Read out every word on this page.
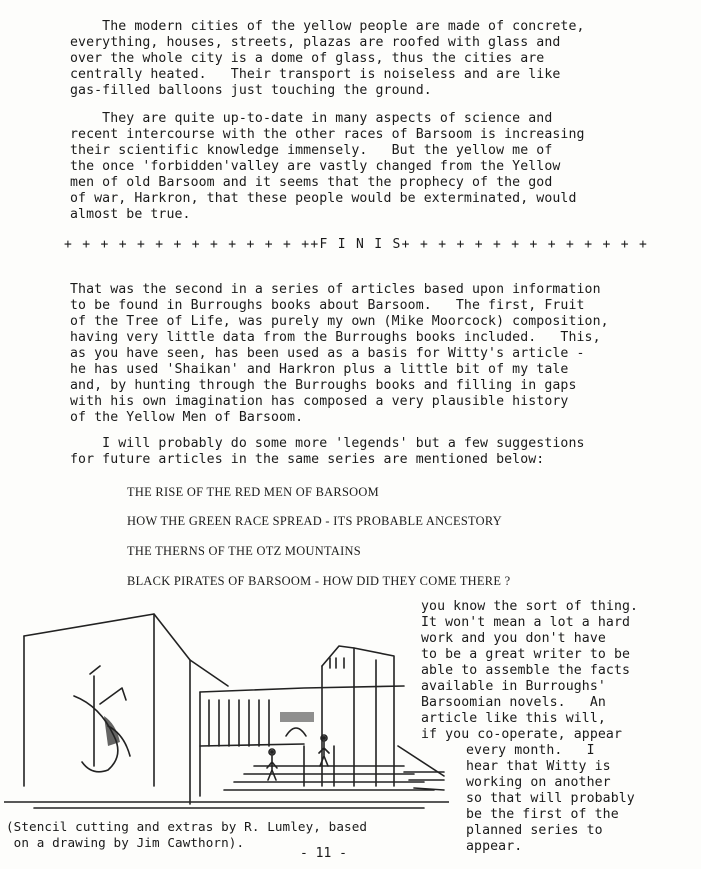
The modern cities of the yellow people are made of concrete,
everything, houses, streets, plazas are roofed with glass and
over the whole city is a dome of glass, thus the cities are
centrally heated.   Their transport is noiseless and are like
gas-filled balloons just touching the ground.
They are quite up-to-date in many aspects of science and
recent intercourse with the other races of Barsoom is increasing
their scientific knowledge immensely.   But the yellow me of
the once 'forbidden'valley are vastly changed from the Yellow
men of old Barsoom and it seems that the prophecy of the god
of war, Harkron, that these people would be exterminated, would
almost be true.
+ + + + + + + + + + + + + ++F I N I S+ + + + + + + + + + + + + +
That was the second in a series of articles based upon information
to be found in Burroughs books about Barsoom.   The first, Fruit
of the Tree of Life, was purely my own (Mike Moorcock) composition,
having very little data from the Burroughs books included.   This,
as you have seen, has been used as a basis for Witty's article -
he has used 'Shaikan' and Harkron plus a little bit of my tale
and, by hunting through the Burroughs books and filling in gaps
with his own imagination has composed a very plausible history
of the Yellow Men of Barsoom.
I will probably do some more 'legends' but a few suggestions
for future articles in the same series are mentioned below:
THE RISE OF THE RED MEN OF BARSOOM
HOW THE GREEN RACE SPREAD - ITS PROBABLE ANCESTORY
THE THERNS OF THE OTZ MOUNTAINS
BLACK PIRATES OF BARSOOM - HOW DID THEY COME THERE ?
you know the sort of thing.
It won't mean a lot a hard
work and you don't have
to be a great writer to be
able to assemble the facts
available in Burroughs'
Barsoomian novels.   An
article like this will,
if you co-operate, appear
every month.   I
hear that Witty is
working on another
so that will probably
be the first of the
planned series to
appear.
(Stencil cutting and extras by R. Lumley, based
on a drawing by Jim Cawthorn).
- 11 -
